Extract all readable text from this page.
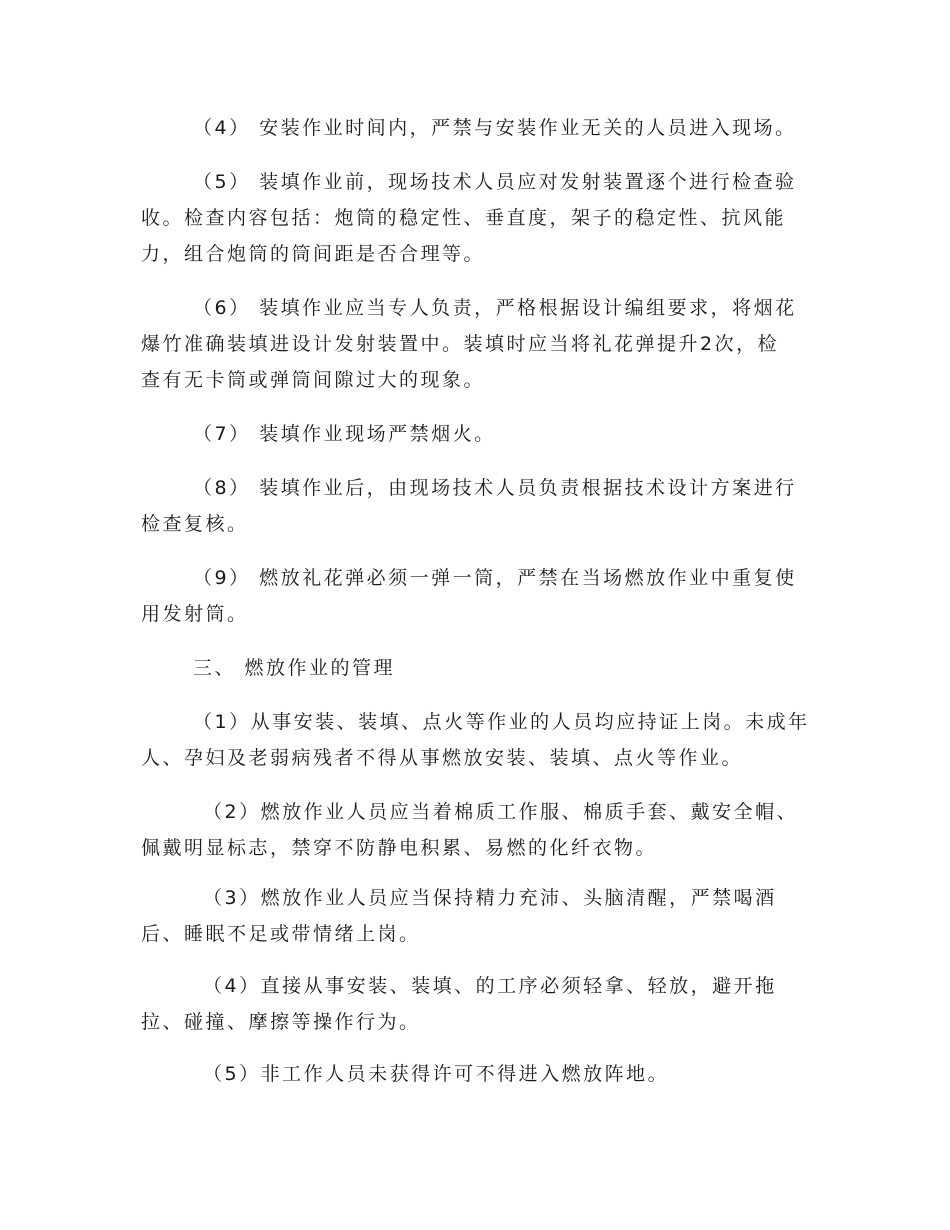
（4） 安装作业时间内，严禁与安装作业无关的人员进入现场。

（5） 装填作业前，现场技术人员应对发射装置逐个进行检查验
收。检查内容包括：炮筒的稳定性、垂直度，架子的稳定性、抗风能
力，组合炮筒的筒间距是否合理等。

（6） 装填作业应当专人负责，严格根据设计编组要求，将烟花
爆竹准确装填进设计发射装置中。装填时应当将礼花弹提升2次，检
查有无卡筒或弹筒间隙过大的现象。

（7） 装填作业现场严禁烟火。

（8） 装填作业后，由现场技术人员负责根据技术设计方案进行
检查复核。

（9） 燃放礼花弹必须一弹一筒，严禁在当场燃放作业中重复使
用发射筒。

三、 燃放作业的管理

（1）从事安装、装填、点火等作业的人员均应持证上岗。未成年
人、孕妇及老弱病残者不得从事燃放安装、装填、点火等作业。

（2）燃放作业人员应当着棉质工作服、棉质手套、戴安全帽、
佩戴明显标志，禁穿不防静电积累、易燃的化纤衣物。

（3）燃放作业人员应当保持精力充沛、头脑清醒，严禁喝酒
后、睡眠不足或带情绪上岗。

（4）直接从事安装、装填、的工序必须轻拿、轻放，避开拖
拉、碰撞、摩擦等操作行为。

（5）非工作人员未获得许可不得进入燃放阵地。
